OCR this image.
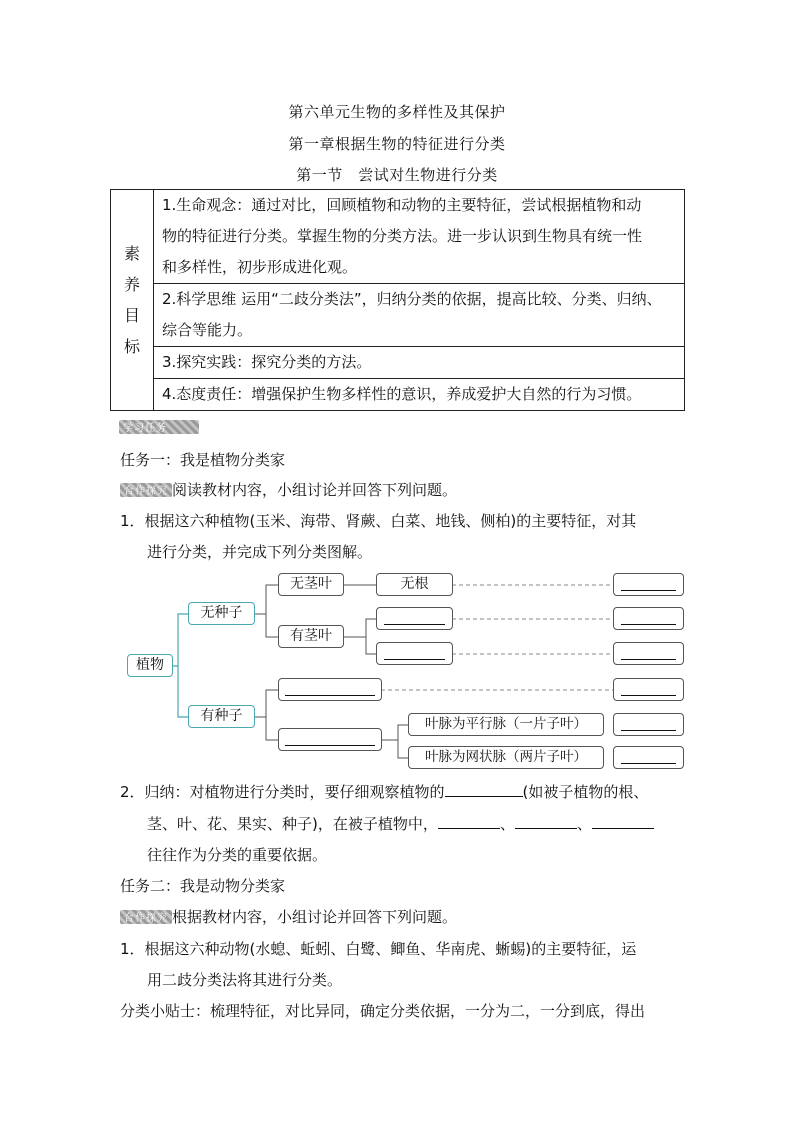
第六单元生物的多样性及其保护
第一章根据生物的特征进行分类
第一节　尝试对生物进行分类
素
养
目
标

1.生命观念：通过对比，回顾植物和动物的主要特征，尝试根据植物和动
物的特征进行分类。掌握生物的分类方法。进一步认识到生物具有统一性
和多样性，初步形成进化观。

2.科学思维 运用“二歧分类法”，归纳分类的依据，提高比较、分类、归纳、
综合等能力。

3.探究实践：探究分类的方法。

4.态度责任：增强保护生物多样性的意识，养成爱护大自然的行为习惯。
学习任务
任务一：我是植物分类家
合作探究 阅读教材内容，小组讨论并回答下列问题。
1．根据这六种植物(玉米、海带、肾蕨、白菜、地钱、侧柏)的主要特征，对其
进行分类，并完成下列分类图解。
植物
无种子
有种子
无茎叶	无根
有茎叶
叶脉为平行脉（一片子叶）
叶脉为网状脉（两片子叶）
2．归纳：对植物进行分类时，要仔细观察植物的	(如被子植物的根、
茎、叶、花、果实、种子)，在被子植物中，	、	、
往往作为分类的重要依据。
任务二：我是动物分类家
合作探究 根据教材内容，小组讨论并回答下列问题。
1．根据这六种动物(水螅、蚯蚓、白鹭、鲫鱼、华南虎、蜥蜴)的主要特征，运
用二歧分类法将其进行分类。
分类小贴士：梳理特征，对比异同，确定分类依据，一分为二，一分到底，得出
